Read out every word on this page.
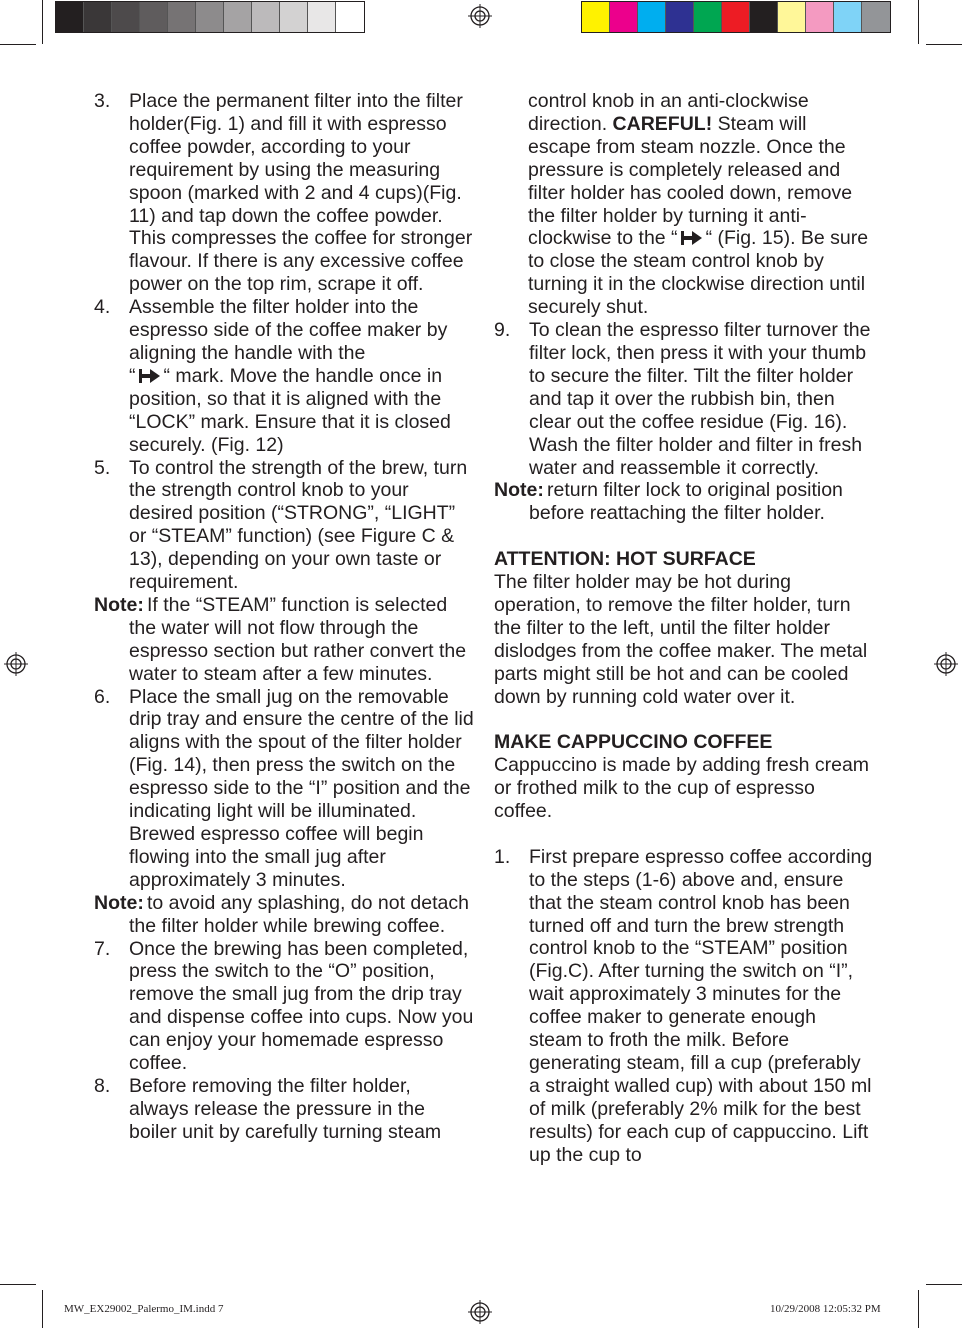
3. Place the permanent filter into the filter holder(Fig. 1) and fill it with espresso coffee powder, according to your requirement by using the measuring spoon (marked with 2 and 4 cups)(Fig. 11) and tap down the coffee powder. This compresses the coffee for stronger flavour. If there is any excessive coffee power on the top rim, scrape it off.
4. Assemble the filter holder into the espresso side of the coffee maker by aligning the handle with the
“ “ mark. Move the handle once in position, so that it is aligned with the “LOCK” mark. Ensure that it is closed securely. (Fig. 12)
5. To control the strength of the brew, turn the strength control knob to your desired position (“STRONG”, “LIGHT” or “STEAM” function) (see Figure C & 13), depending on your own taste or requirement.
Note: If the “STEAM” function is selected the water will not flow through the espresso section but rather convert the water to steam after a few minutes.
6. Place the small jug on the removable drip tray and ensure the centre of the lid aligns with the spout of the filter holder (Fig. 14), then press the switch on the espresso side to the “I” position and the indicating light will be illuminated. Brewed espresso coffee will begin flowing into the small jug after approximately 3 minutes.
Note: to avoid any splashing, do not detach the filter holder while brewing coffee.
7. Once the brewing has been completed, press the switch to the “O” position, remove the small jug from the drip tray and dispense coffee into cups. Now you can enjoy your homemade espresso coffee.
8. Before removing the filter holder, always release the pressure in the boiler unit by carefully turning steam
control knob in an anti-clockwise direction. CAREFUL! Steam will escape from steam nozzle. Once the pressure is completely released and filter holder has cooled down, remove the filter holder by turning it anti-clockwise to the “ “ (Fig. 15). Be sure to close the steam control knob by turning it in the clockwise direction until securely shut.
9. To clean the espresso filter turnover the filter lock, then press it with your thumb to secure the filter. Tilt the filter holder and tap it over the rubbish bin, then clear out the coffee residue (Fig. 16). Wash the filter holder and filter in fresh water and reassemble it correctly.
Note: return filter lock to original position before reattaching the filter holder.
ATTENTION: HOT SURFACE
The filter holder may be hot during operation, to remove the filter holder, turn the filter to the left, until the filter holder dislodges from the coffee maker. The metal parts might still be hot and can be cooled down by running cold water over it.
MAKE CAPPUCCINO COFFEE
Cappuccino is made by adding fresh cream or frothed milk to the cup of espresso coffee.
1. First prepare espresso coffee according to the steps (1-6) above and, ensure that the steam control knob has been turned off and turn the brew strength control knob to the “STEAM” position (Fig.C). After turning the switch on “I”, wait approximately 3 minutes for the coffee maker to generate enough steam to froth the milk. Before generating steam, fill a cup (preferably a straight walled cup) with about 150 ml of milk (preferably 2% milk for the best results) for each cup of cappuccino. Lift up the cup to
MW_EX29002_Palermo_IM.indd 7	10/29/2008 12:05:32 PM
